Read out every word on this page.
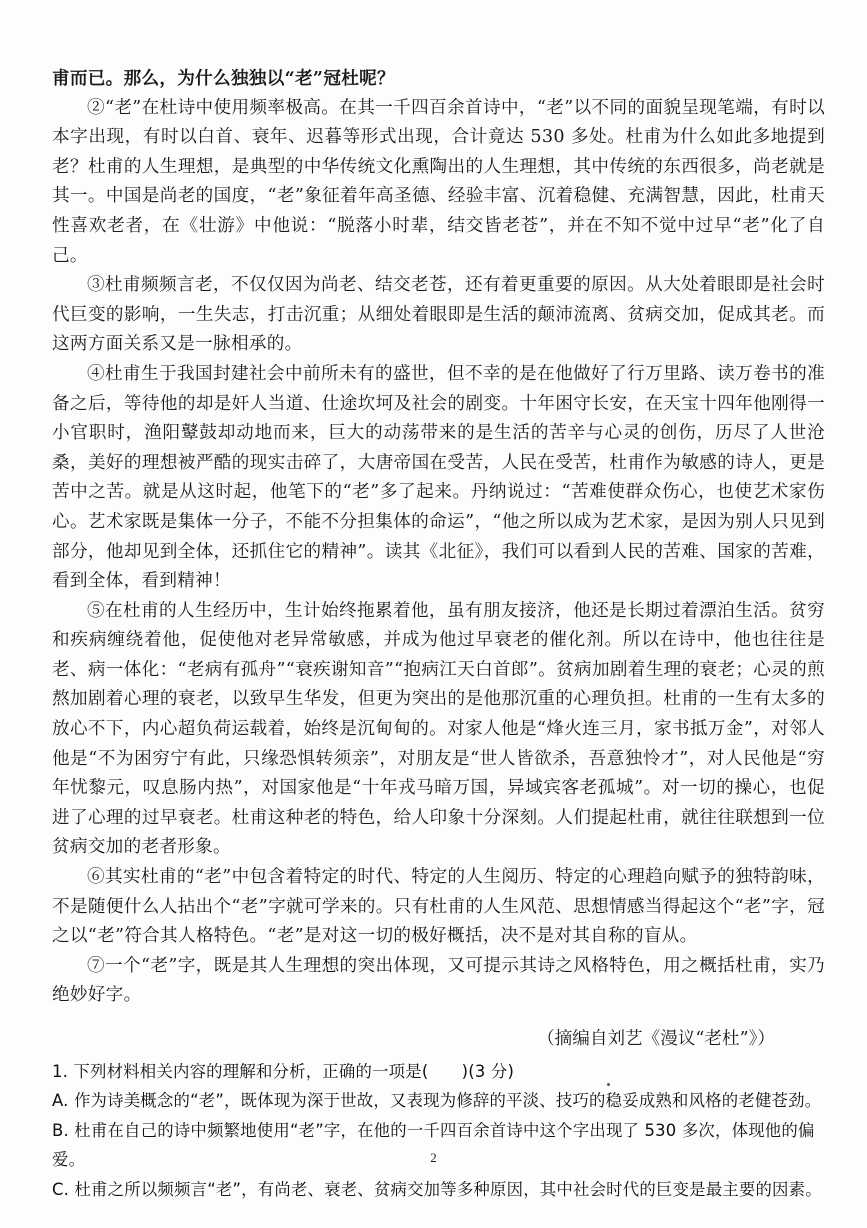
甫而已。那么，为什么独独以“老”冠杜呢？

②“老”在杜诗中使用频率极高。在其一千四百余首诗中，“老”以不同的面貌呈现笔端，有时以本字出现，有时以白首、衰年、迟暮等形式出现，合计竟达 530 多处。杜甫为什么如此多地提到老？杜甫的人生理想，是典型的中华传统文化熏陶出的人生理想，其中传统的东西很多，尚老就是其一。中国是尚老的国度，“老”象征着年高圣德、经验丰富、沉着稳健、充满智慧，因此，杜甫天性喜欢老者，在《壮游》中他说：“脱落小时辈，结交皆老苍”，并在不知不觉中过早“老”化了自己。

③杜甫频频言老，不仅仅因为尚老、结交老苍，还有着更重要的原因。从大处着眼即是社会时代巨变的影响，一生失志，打击沉重；从细处着眼即是生活的颠沛流离、贫病交加，促成其老。而这两方面关系又是一脉相承的。

④杜甫生于我国封建社会中前所未有的盛世，但不幸的是在他做好了行万里路、读万卷书的准备之后，等待他的却是奸人当道、仕途坎坷及社会的剧变。十年困守长安，在天宝十四年他刚得一小官职时，渔阳鼙鼓却动地而来，巨大的动荡带来的是生活的苦辛与心灵的创伤，历尽了人世沧桑，美好的理想被严酷的现实击碎了，大唐帝国在受苦，人民在受苦，杜甫作为敏感的诗人，更是苦中之苦。就是从这时起，他笔下的“老”多了起来。丹纳说过：“苦难使群众伤心，也使艺术家伤心。艺术家既是集体一分子，不能不分担集体的命运”，“他之所以成为艺术家，是因为别人只见到部分，他却见到全体，还抓住它的精神”。读其《北征》，我们可以看到人民的苦难、国家的苦难，看到全体，看到精神！

⑤在杜甫的人生经历中，生计始终拖累着他，虽有朋友接济，他还是长期过着漂泊生活。贫穷和疾病缠绕着他，促使他对老异常敏感，并成为他过早衰老的催化剂。所以在诗中，他也往往是老、病一体化：“老病有孤舟”“衰疾谢知音”“抱病江天白首郎”。贫病加剧着生理的衰老；心灵的煎熬加剧着心理的衰老，以致早生华发，但更为突出的是他那沉重的心理负担。杜甫的一生有太多的放心不下，内心超负荷运载着，始终是沉甸甸的。对家人他是“烽火连三月，家书抵万金”，对邻人他是“不为困穷宁有此，只缘恐惧转须亲”，对朋友是“世人皆欲杀，吾意独怜才”，对人民他是“穷年忧黎元，叹息肠内热”，对国家他是“十年戎马暗万国，异域宾客老孤城”。对一切的操心，也促进了心理的过早衰老。杜甫这种老的特色，给人印象十分深刻。人们提起杜甫，就往往联想到一位贫病交加的老者形象。

⑥其实杜甫的“老”中包含着特定的时代、特定的人生阅历、特定的心理趋向赋予的独特韵味，不是随便什么人拈出个“老”字就可学来的。只有杜甫的人生风范、思想情感当得起这个“老”字，冠之以“老”符合其人格特色。“老”是对这一切的极好概括，决不是对其自称的盲从。

⑦一个“老”字，既是其人生理想的突出体现，又可提示其诗之风格特色，用之概括杜甫，实乃绝妙好字。

（摘编自刘艺《漫议“老杜”》）

1. 下列材料相关内容的理解和分析，正确的一项是(　　)(3 分)

A. 作为诗美概念的“老”，既体现为深于世故，又表现为修辞的平淡、技巧的稳妥成熟和风格的老健苍劲。

B. 杜甫在自己的诗中频繁地使用“老”字，在他的一千四百余首诗中这个字出现了 530 多次，体现他的偏爱。

C. 杜甫之所以频频言“老”，有尚老、衰老、贫病交加等多种原因，其中社会时代的巨变是最主要的因素。

2
